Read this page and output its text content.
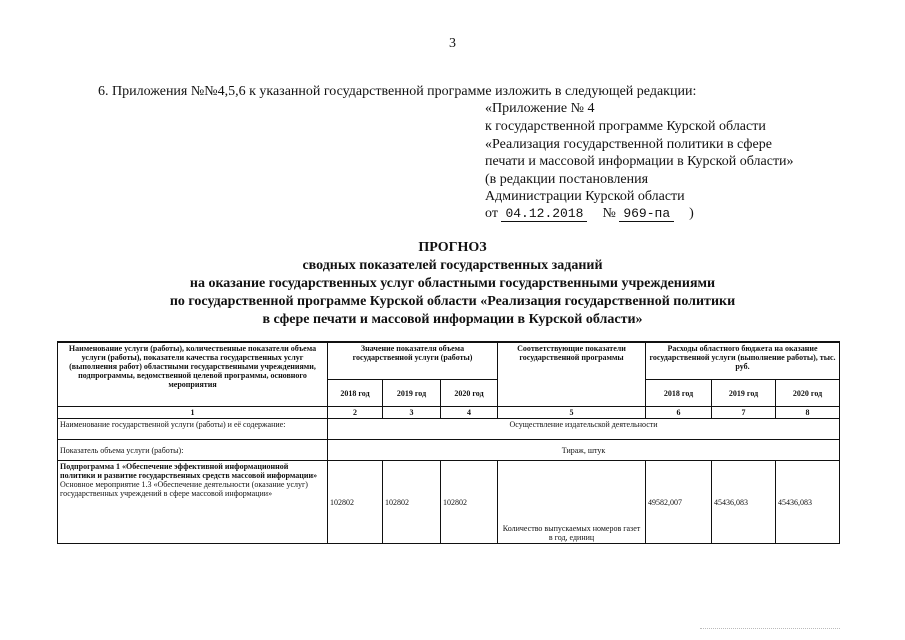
3
6. Приложения №№4,5,6 к указанной государственной программе изложить в следующей редакции:
«Приложение № 4
к государственной программе Курской области
«Реализация государственной политики в сфере
печати и массовой информации в Курской области»
(в редакции постановления
Администрации Курской области
от 04.12.2018 № 969-па )
ПРОГНОЗ
сводных показателей государственных заданий
на оказание государственных услуг областными государственными учреждениями
по государственной программе Курской области «Реализация государственной политики
в сфере печати и массовой информации в Курской области»
Наименование услуги (работы), количественные показатели объема услуги (работы), показатели качества государственных услуг (выполнения работ) областными государственными учреждениями, подпрограммы, ведомственной целевой программы, основного мероприятия	Значение показателя объема государственной услуги (работы)			Соответствующие показатели государственной программы	Расходы областного бюджета на оказание государственной услуги (выполнение работы), тыс. руб.		
	2018 год	2019 год	2020 год		2018 год	2019 год	2020 год
1	2	3	4	5	6	7	8
Наименование государственной услуги (работы) и её содержание:	Осуществление издательской деятельности						
Показатель объема услуги (работы):	Тираж, штук						

Подпрограмма 1 «Обеспечение эффективной информационной политики и развитие государственных средств массовой информации»
Основное мероприятие 1.3 «Обеспечение деятельности (оказание услуг) государственных учреждений в сфере массовой информации»	102802	102802	102802	Количество выпускаемых номеров газет в год, единиц	49582,007	45436,083	45436,083
